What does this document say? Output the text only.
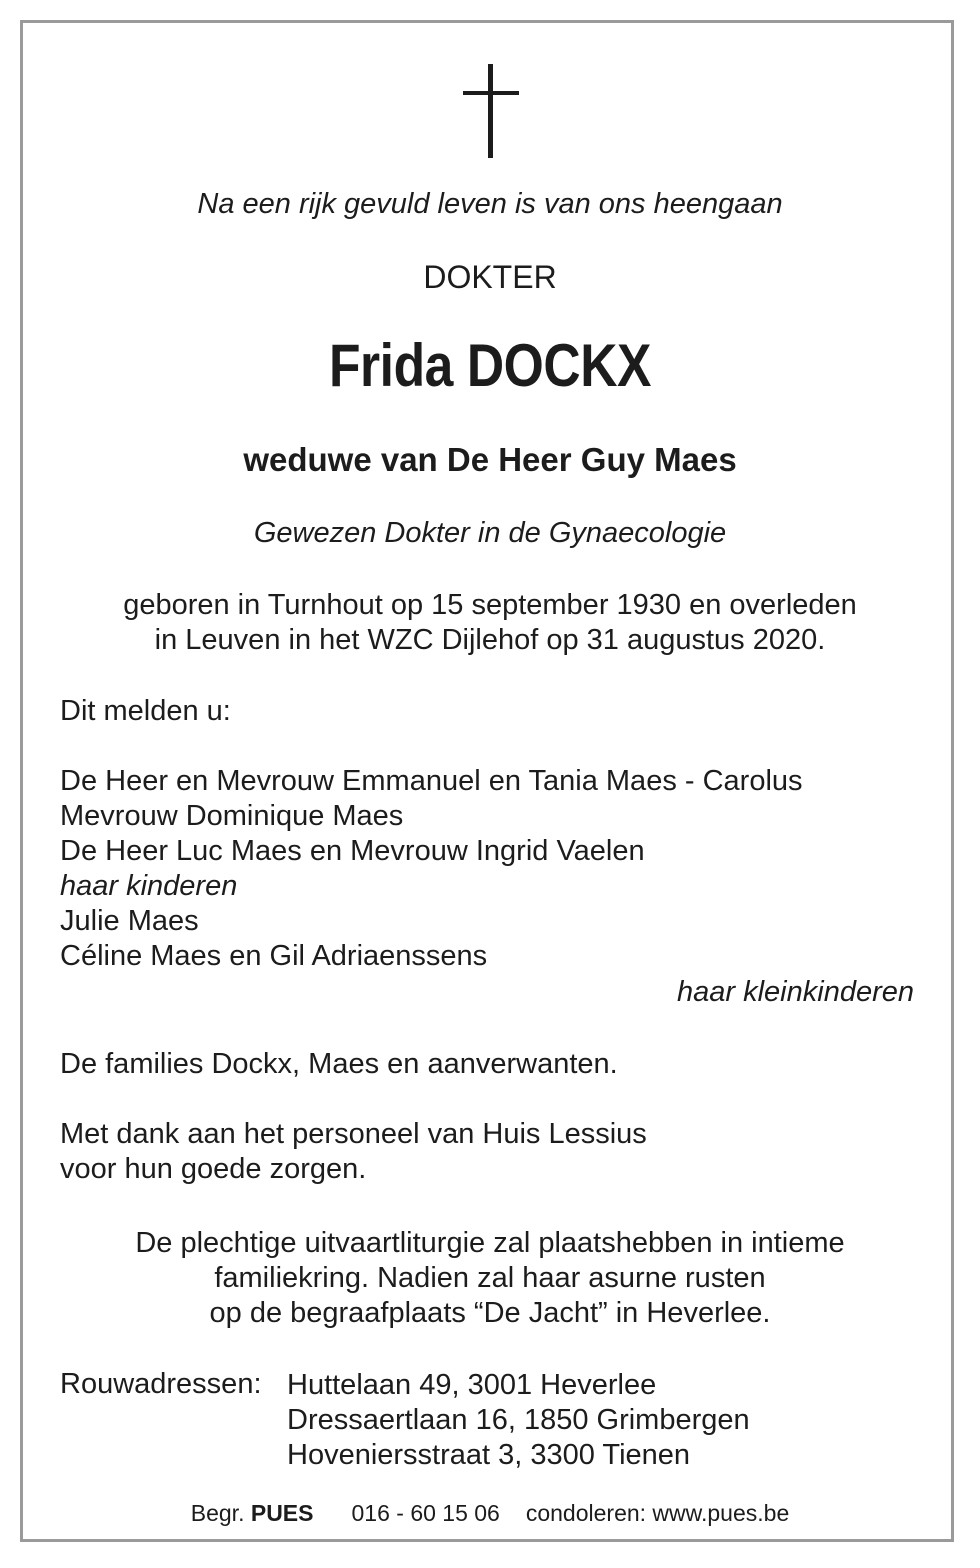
Na een rijk gevuld leven is van ons heengaan
DOKTER
Frida DOCKX
weduwe van De Heer Guy Maes
Gewezen Dokter in de Gynaecologie
geboren in Turnhout op 15 september 1930 en overleden
in Leuven in het WZC Dijlehof op 31 augustus 2020.
Dit melden u:
De Heer en Mevrouw Emmanuel en Tania Maes - Carolus
Mevrouw Dominique Maes
De Heer Luc Maes en Mevrouw Ingrid Vaelen
haar kinderen
Julie Maes
Céline Maes en Gil Adriaenssens
haar kleinkinderen
De families Dockx, Maes en aanverwanten.
Met dank aan het personeel van Huis Lessius
voor hun goede zorgen.
De plechtige uitvaartliturgie zal plaatshebben in intieme
familiekring. Nadien zal haar asurne rusten
op de begraafplaats “De Jacht” in Heverlee.
Rouwadressen: Huttelaan 49, 3001 Heverlee
Dressaertlaan 16, 1850 Grimbergen
Hoveniersstraat 3, 3300 Tienen
Begr. PUES 016 - 60 15 06 condoleren: www.pues.be
